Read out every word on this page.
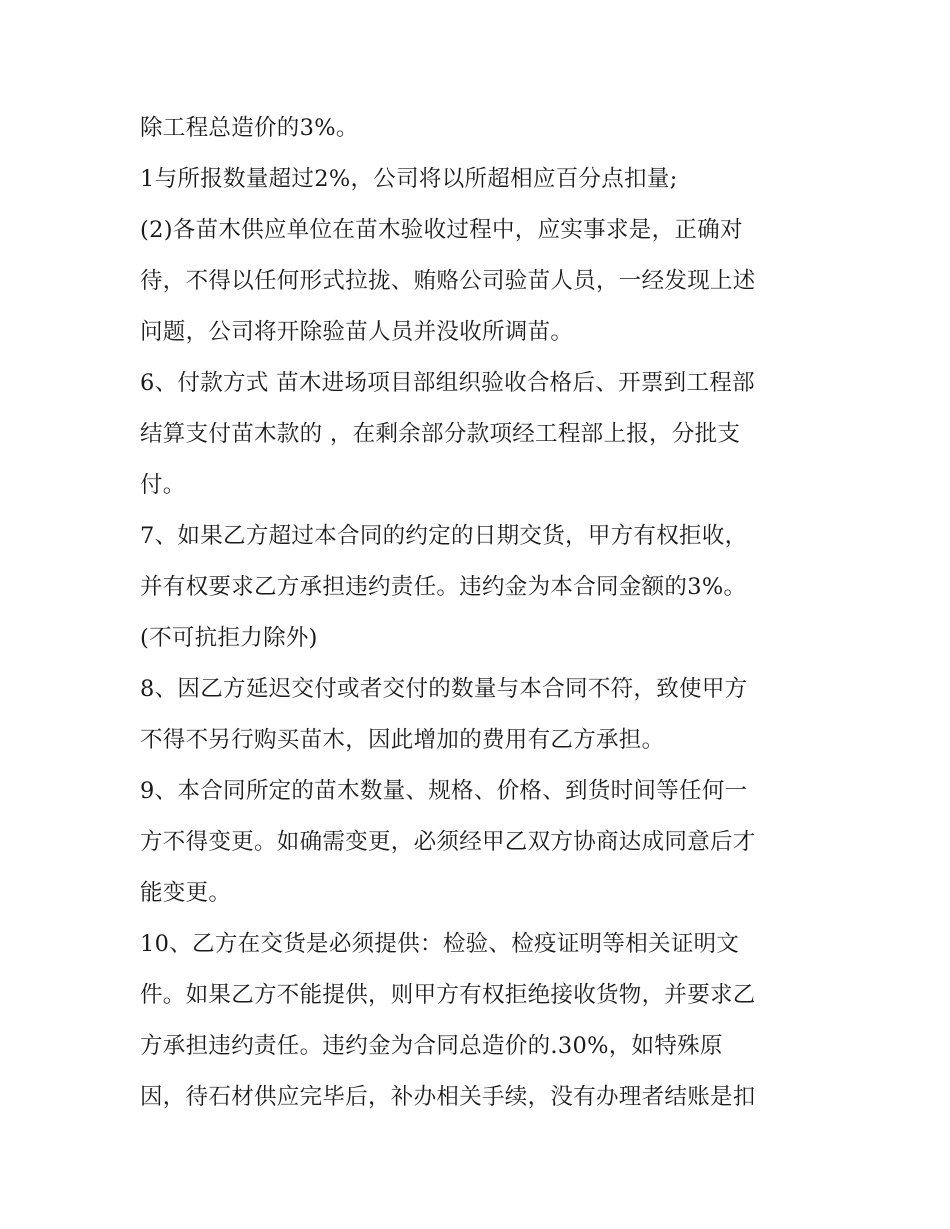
除工程总造价的3%。
1与所报数量超过2%，公司将以所超相应百分点扣量;
(2)各苗木供应单位在苗木验收过程中，应实事求是，正确对
待，不得以任何形式拉拢、贿赂公司验苗人员，一经发现上述
问题，公司将开除验苗人员并没收所调苗。
6、付款方式 苗木进场项目部组织验收合格后、开票到工程部
结算支付苗木款的 ，在剩余部分款项经工程部上报，分批支
付。
7、如果乙方超过本合同的约定的日期交货，甲方有权拒收，
并有权要求乙方承担违约责任。违约金为本合同金额的3%。
(不可抗拒力除外)
8、因乙方延迟交付或者交付的数量与本合同不符，致使甲方
不得不另行购买苗木，因此增加的费用有乙方承担。
9、本合同所定的苗木数量、规格、价格、到货时间等任何一
方不得变更。如确需变更，必须经甲乙双方协商达成同意后才
能变更。
10、乙方在交货是必须提供：检验、检疫证明等相关证明文
件。如果乙方不能提供，则甲方有权拒绝接收货物，并要求乙
方承担违约责任。违约金为合同总造价的.30%，如特殊原
因，待石材供应完毕后，补办相关手续，没有办理者结账是扣
